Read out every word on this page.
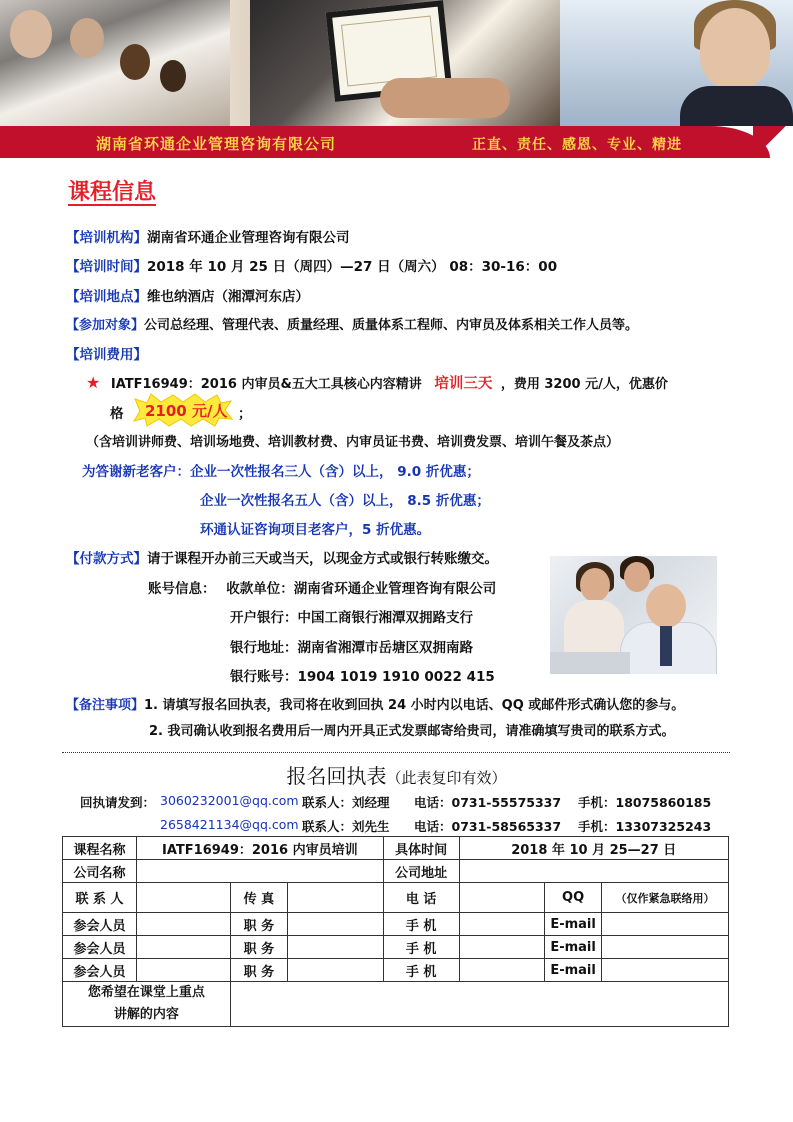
湖南省环通企业管理咨询有限公司	正直、责任、感恩、专业、精进
课程信息
【培训机构】湖南省环通企业管理咨询有限公司
【培训时间】2018 年 10 月 25 日（周四）—27 日（周六） 08：30-16：00
【培训地点】维也纳酒店（湘潭河东店）
【参加对象】公司总经理、管理代表、质量经理、质量体系工程师、内审员及体系相关工作人员等。
【培训费用】
★ IATF16949：2016 内审员&五大工具核心内容精讲 培训三天 ，费用 3200 元/人，优惠价
格 2100 元/人 ；
（含培训讲师费、培训场地费、培训教材费、内审员证书费、培训费发票、培训午餐及茶点）
为答谢新老客户：企业一次性报名三人（含）以上， 9.0 折优惠；
企业一次性报名五人（含）以上， 8.5 折优惠；
环通认证咨询项目老客户，5 折优惠。
【付款方式】请于课程开办前三天或当天，以现金方式或银行转账缴交。
账号信息： 收款单位：湖南省环通企业管理咨询有限公司
开户银行：中国工商银行湘潭双拥路支行
银行地址：湖南省湘潭市岳塘区双拥南路
银行账号：1904 1019 1910 0022 415
【备注事项】1. 请填写报名回执表，我司将在收到回执 24 小时内以电话、QQ 或邮件形式确认您的参与。
2. 我司确认收到报名费用后一周内开具正式发票邮寄给贵司，请准确填写贵司的联系方式。
报名回执表（此表复印有效）
回执请发到： 3060232001@qq.com 联系人：刘经理 电话：0731-55575337 手机：18075860185
2658421134@qq.com 联系人：刘先生 电话：0731-58565337 手机：13307325243
课程名称	IATF16949：2016 内审员培训			具体时间	2018 年 10 月 25—27 日		
公司名称				公司地址			
联 系 人		传 真		电 话		QQ	（仅作紧急联络用）
参会人员		职 务		手 机		E-mail	
参会人员		职 务		手 机		E-mail	
参会人员		职 务		手 机		E-mail	

您希望在课堂上重点
讲解的内容							
